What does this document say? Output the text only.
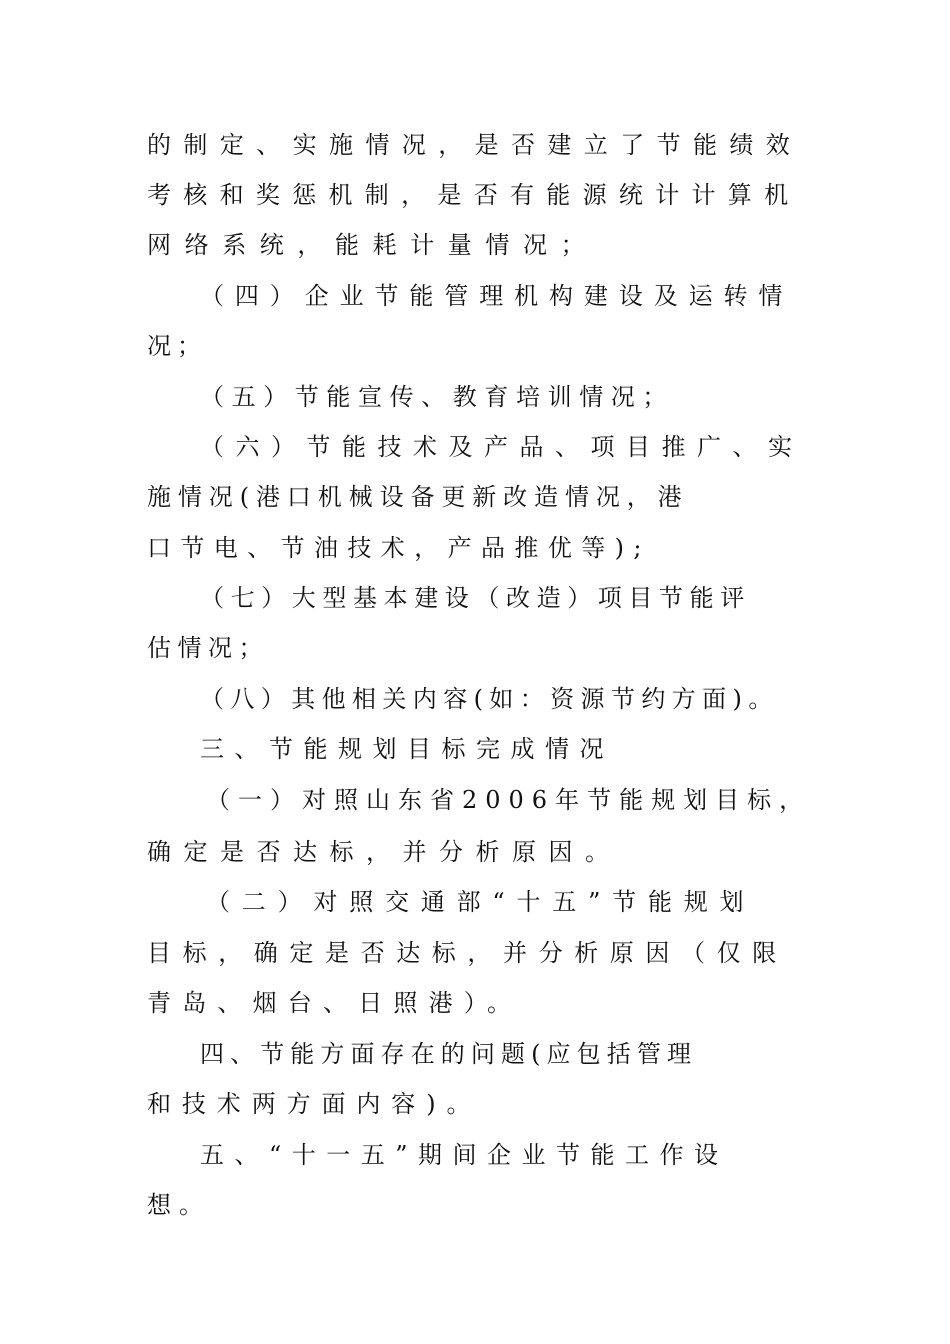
的制定、实施情况，是否建立了节能绩效
考核和奖惩机制，是否有能源统计计算机
网络系统，能耗计量情况；
（四）企业节能管理机构建设及运转情
况；
（五）节能宣传、教育培训情况；
（六）节能技术及产品、项目推广、实
施情况(港口机械设备更新改造情况，港
口节电、节油技术，产品推优等);
（七）大型基本建设（改造）项目节能评
估情况；
（八）其他相关内容(如：资源节约方面)。
三、节能规划目标完成情况
（一）对照山东省2006年节能规划目标，
确定是否达标，并分析原因。
（二）对照交通部“十五”节能规划
目标，确定是否达标，并分析原因（仅限
青岛、烟台、日照港）。
四、节能方面存在的问题(应包括管理
和技术两方面内容)。
五、“十一五”期间企业节能工作设
想。
